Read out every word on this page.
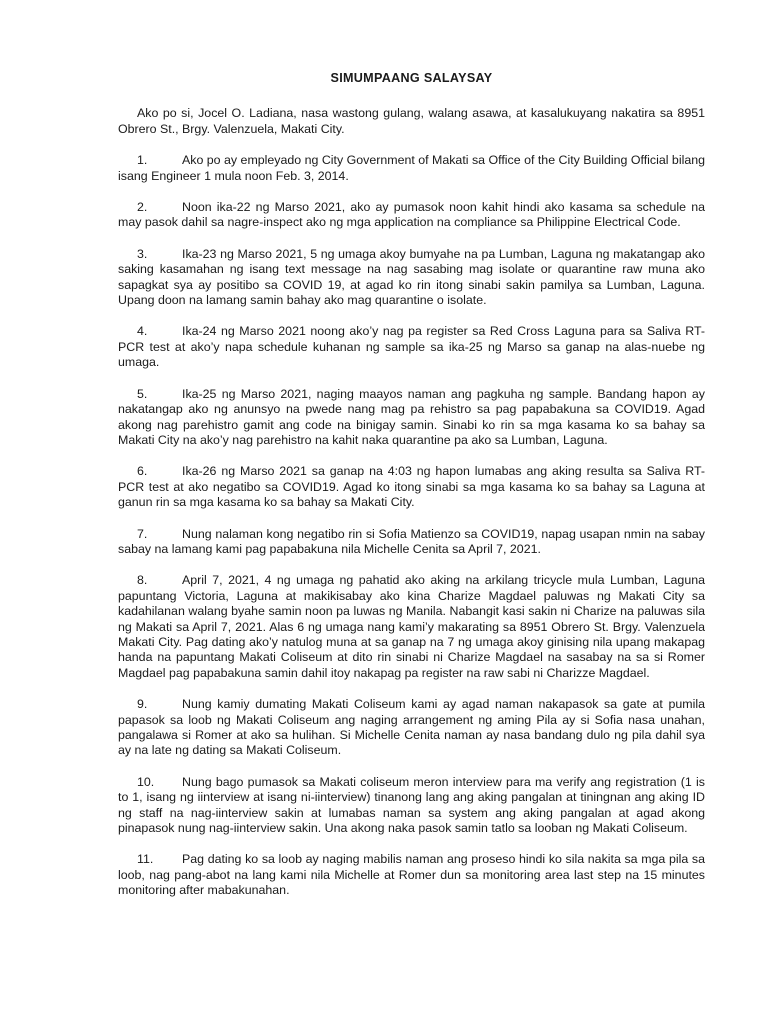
SIMUMPAANG SALAYSAY

Ako po si, Jocel O. Ladiana, nasa wastong gulang, walang asawa, at kasalukuyang nakatira sa 8951 Obrero St., Brgy. Valenzuela, Makati City.

1.	Ako po ay empleyado ng City Government of Makati sa Office of the City Building Official bilang isang Engineer 1 mula noon Feb. 3, 2014.

2.	Noon ika-22 ng Marso 2021, ako ay pumasok noon kahit hindi ako kasama sa schedule na may pasok dahil sa nagre-inspect ako ng mga application na compliance sa Philippine Electrical Code.

3.	Ika-23 ng Marso 2021, 5 ng umaga akoy bumyahe na pa Lumban, Laguna ng makatangap ako saking kasamahan ng isang text message na nag sasabing mag isolate or quarantine raw muna ako sapagkat sya ay positibo sa COVID 19, at agad ko rin itong sinabi sakin pamilya sa Lumban, Laguna. Upang doon na lamang samin bahay ako mag quarantine o isolate.

4.	Ika-24 ng Marso 2021 noong ako’y nag pa register sa Red Cross Laguna para sa Saliva RT-PCR test at ako’y napa schedule kuhanan ng sample sa ika-25 ng Marso sa ganap na alas-nuebe ng umaga.

5.	Ika-25 ng Marso 2021, naging maayos naman ang pagkuha ng sample. Bandang hapon ay nakatangap ako ng anunsyo na pwede nang mag pa rehistro sa pag papabakuna sa COVID19. Agad akong nag parehistro gamit ang code na binigay samin. Sinabi ko rin sa mga kasama ko sa bahay sa Makati City na ako’y nag parehistro na kahit naka quarantine pa ako sa Lumban, Laguna.

6.	Ika-26 ng Marso 2021 sa ganap na 4:03 ng hapon lumabas ang aking resulta sa Saliva RT-PCR test at ako negatibo sa COVID19. Agad ko itong sinabi sa mga kasama ko sa bahay sa Laguna at ganun rin sa mga kasama ko sa bahay sa Makati City.

7.	Nung nalaman kong negatibo rin si Sofia Matienzo sa COVID19, napag usapan nmin na sabay sabay na lamang kami pag papabakuna nila Michelle Cenita sa April 7, 2021.

8.	April 7, 2021, 4 ng umaga ng pahatid ako aking na arkilang tricycle mula Lumban, Laguna papuntang Victoria, Laguna at makikisabay ako kina Charize Magdael paluwas ng Makati City sa kadahilanan walang byahe samin noon pa luwas ng Manila. Nabangit kasi sakin ni Charize na paluwas sila ng Makati sa April 7, 2021. Alas 6 ng umaga nang kami’y makarating sa 8951 Obrero St. Brgy. Valenzuela Makati City. Pag dating ako’y natulog muna at sa ganap na 7 ng umaga akoy ginising nila upang makapag handa na papuntang Makati Coliseum at dito rin sinabi ni Charize Magdael na sasabay na sa si Romer Magdael pag papabakuna samin dahil itoy nakapag pa register na raw sabi ni Charizze Magdael.

9.	Nung kamiy dumating Makati Coliseum kami ay agad naman nakapasok sa gate at pumila papasok sa loob ng Makati Coliseum ang naging arrangement ng aming Pila ay si Sofia nasa unahan, pangalawa si Romer at ako sa hulihan. Si Michelle Cenita naman ay nasa bandang dulo ng pila dahil sya ay na late ng dating sa Makati Coliseum.

10. Nung bago pumasok sa Makati coliseum meron interview para ma verify ang registration (1 is to 1, isang ng iinterview at isang ni-iinterview) tinanong lang ang aking pangalan at tiningnan ang aking ID ng staff na nag-iinterview sakin at lumabas naman sa system ang aking pangalan at agad akong pinapasok nung nag-iinterview sakin. Una akong naka pasok samin tatlo sa looban ng Makati Coliseum.

11. Pag dating ko sa loob ay naging mabilis naman ang proseso hindi ko sila nakita sa mga pila sa loob, nag pang-abot na lang kami nila Michelle at Romer dun sa monitoring area last step na 15 minutes monitoring after mabakunahan.
